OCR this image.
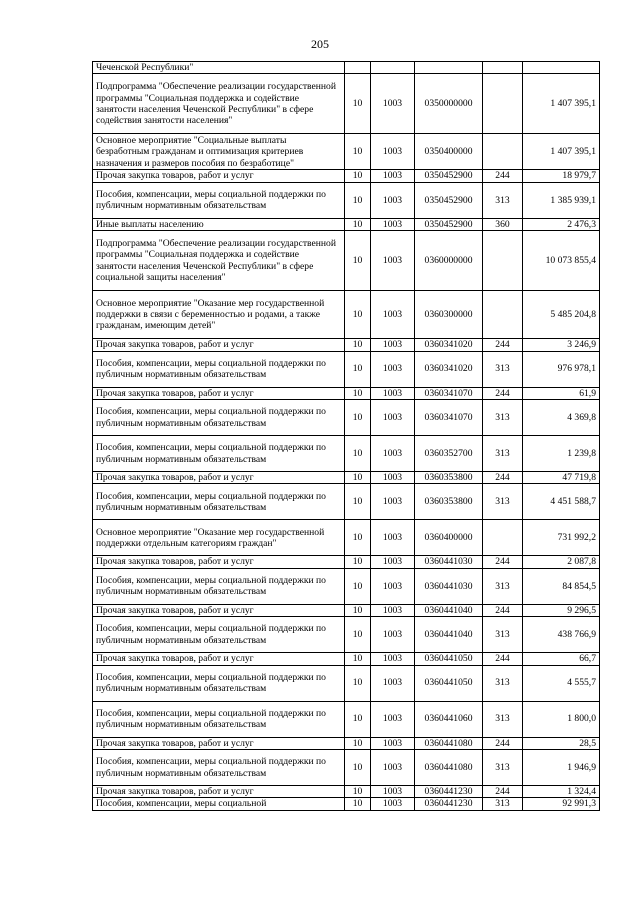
205
Чеченской Республики"					
Подпрограмма "Обеспечение реализации государственной программы "Социальная поддержка и содействие занятости населения Чеченской Республики" в сфере содействия занятости населения"	10	1003	0350000000		1 407 395,1
Основное мероприятие "Социальные выплаты безработным гражданам и оптимизация критериев назначения и размеров пособия по безработице"	10	1003	0350400000		1 407 395,1
Прочая закупка товаров, работ и услуг	10	1003	0350452900	244	18 979,7
Пособия, компенсации, меры социальной поддержки по публичным нормативным обязательствам	10	1003	0350452900	313	1 385 939,1
Иные выплаты населению	10	1003	0350452900	360	2 476,3
Подпрограмма "Обеспечение реализации государственной программы "Социальная поддержка и содействие занятости населения Чеченской Республики" в сфере социальной защиты населения"	10	1003	0360000000		10 073 855,4
Основное мероприятие "Оказание мер государственной поддержки в связи с беременностью и родами, а также гражданам, имеющим детей"	10	1003	0360300000		5 485 204,8
Прочая закупка товаров, работ и услуг	10	1003	0360341020	244	3 246,9
Пособия, компенсации, меры социальной поддержки по публичным нормативным обязательствам	10	1003	0360341020	313	976 978,1
Прочая закупка товаров, работ и услуг	10	1003	0360341070	244	61,9
Пособия, компенсации, меры социальной поддержки по публичным нормативным обязательствам	10	1003	0360341070	313	4 369,8
Пособия, компенсации, меры социальной поддержки по публичным нормативным обязательствам	10	1003	0360352700	313	1 239,8
Прочая закупка товаров, работ и услуг	10	1003	0360353800	244	47 719,8
Пособия, компенсации, меры социальной поддержки по публичным нормативным обязательствам	10	1003	0360353800	313	4 451 588,7
Основное мероприятие "Оказание мер государственной поддержки отдельным категориям граждан"	10	1003	0360400000		731 992,2
Прочая закупка товаров, работ и услуг	10	1003	0360441030	244	2 087,8
Пособия, компенсации, меры социальной поддержки по публичным нормативным обязательствам	10	1003	0360441030	313	84 854,5
Прочая закупка товаров, работ и услуг	10	1003	0360441040	244	9 296,5
Пособия, компенсации, меры социальной поддержки по публичным нормативным обязательствам	10	1003	0360441040	313	438 766,9
Прочая закупка товаров, работ и услуг	10	1003	0360441050	244	66,7
Пособия, компенсации, меры социальной поддержки по публичным нормативным обязательствам	10	1003	0360441050	313	4 555,7
Пособия, компенсации, меры социальной поддержки по публичным нормативным обязательствам	10	1003	0360441060	313	1 800,0
Прочая закупка товаров, работ и услуг	10	1003	0360441080	244	28,5
Пособия, компенсации, меры социальной поддержки по публичным нормативным обязательствам	10	1003	0360441080	313	1 946,9
Прочая закупка товаров, работ и услуг	10	1003	0360441230	244	1 324,4
Пособия, компенсации, меры социальной	10	1003	0360441230	313	92 991,3
